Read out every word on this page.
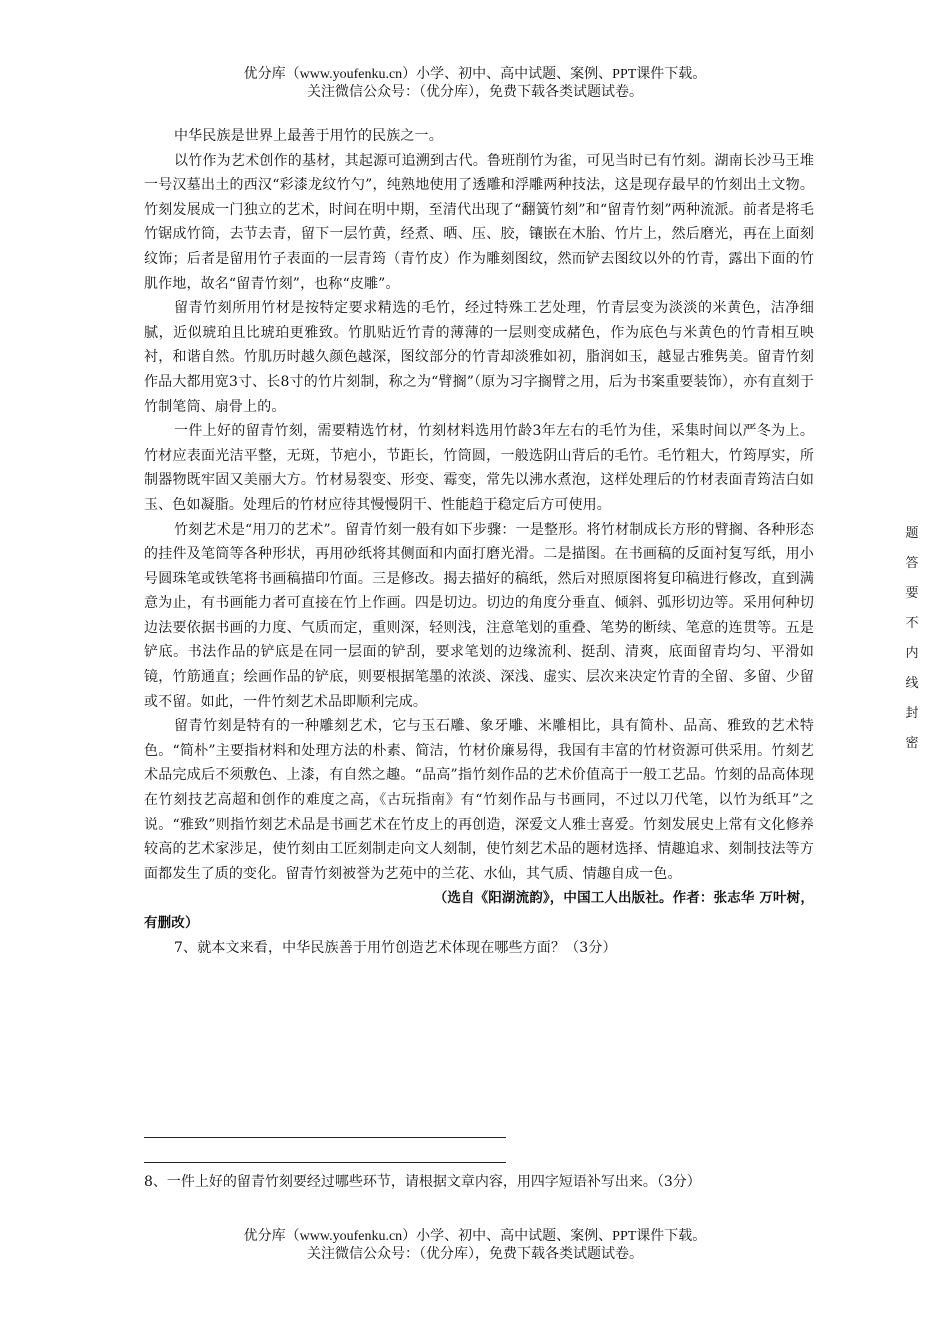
优分库（www.youfenku.cn）小学、初中、高中试题、案例、PPT课件下载。
关注微信公众号：（优分库），免费下载各类试题试卷。

中华民族是世界上最善于用竹的民族之一。

以竹作为艺术创作的基材，其起源可追溯到古代。鲁班削竹为雀，可见当时已有竹刻。湖南长沙马王堆一号汉墓出土的西汉“彩漆龙纹竹勺”，纯熟地使用了透雕和浮雕两种技法，这是现存最早的竹刻出土文物。竹刻发展成一门独立的艺术，时间在明中期，至清代出现了“翻簧竹刻”和“留青竹刻”两种流派。前者是将毛竹锯成竹筒，去节去青，留下一层竹黄，经煮、晒、压、胶，镶嵌在木胎、竹片上，然后磨光，再在上面刻纹饰；后者是留用竹子表面的一层青筠（青竹皮）作为雕刻图纹，然而铲去图纹以外的竹青，露出下面的竹肌作地，故名“留青竹刻”，也称“皮雕”。

留青竹刻所用竹材是按特定要求精选的毛竹，经过特殊工艺处理，竹青层变为淡淡的米黄色，洁净细腻，近似琥珀且比琥珀更雅致。竹肌贴近竹青的薄薄的一层则变成赭色，作为底色与米黄色的竹青相互映衬，和谐自然。竹肌历时越久颜色越深，图纹部分的竹青却淡雅如初，脂润如玉，越显古雅隽美。留青竹刻作品大都用宽3寸、长8寸的竹片刻制，称之为“臂搁”（原为习字搁臂之用，后为书案重要装饰），亦有直刻于竹制笔筒、扇骨上的。

一件上好的留青竹刻，需要精选竹材，竹刻材料选用竹龄3年左右的毛竹为佳，采集时间以严冬为上。竹材应表面光洁平整，无斑，节疤小，节距长，竹筒圆，一般选阴山背后的毛竹。毛竹粗大，竹筠厚实，所制器物既牢固又美丽大方。竹材易裂变、形变、霉变，常先以沸水煮泡，这样处理后的竹材表面青筠洁白如玉、色如凝脂。处理后的竹材应待其慢慢阴干、性能趋于稳定后方可使用。

竹刻艺术是“用刀的艺术”。留青竹刻一般有如下步骤：一是整形。将竹材制成长方形的臂搁、各种形态的挂件及笔筒等各种形状，再用砂纸将其侧面和内面打磨光滑。二是描图。在书画稿的反面衬复写纸，用小号圆珠笔或铁笔将书画稿描印竹面。三是修改。揭去描好的稿纸，然后对照原图将复印稿进行修改，直到满意为止，有书画能力者可直接在竹上作画。四是切边。切边的角度分垂直、倾斜、弧形切边等。采用何种切边法要依据书画的力度、气质而定，重则深，轻则浅，注意笔划的重叠、笔势的断续、笔意的连贯等。五是铲底。书法作品的铲底是在同一层面的铲刮，要求笔划的边缘流利、挺刮、清爽，底面留青均匀、平滑如镜，竹筋通直；绘画作品的铲底，则要根据笔墨的浓淡、深浅、虚实、层次来决定竹青的全留、多留、少留或不留。如此，一件竹刻艺术品即顺利完成。

留青竹刻是特有的一种雕刻艺术，它与玉石雕、象牙雕、米雕相比，具有简朴、品高、雅致的艺术特色。“简朴”主要指材料和处理方法的朴素、简洁，竹材价廉易得，我国有丰富的竹材资源可供采用。竹刻艺术品完成后不须敷色、上漆，有自然之趣。“品高”指竹刻作品的艺术价值高于一般工艺品。竹刻的品高体现在竹刻技艺高超和创作的难度之高，《古玩指南》有“竹刻作品与书画同，不过以刀代笔，以竹为纸耳”之说。“雅致”则指竹刻艺术品是书画艺术在竹皮上的再创造，深爱文人雅士喜爱。竹刻发展史上常有文化修养较高的艺术家涉足，使竹刻由工匠刻制走向文人刻制，使竹刻艺术品的题材选择、情趣追求、刻制技法等方面都发生了质的变化。留青竹刻被誉为艺苑中的兰花、水仙，其气质、情趣自成一色。

（选自《阳湖流韵》，中国工人出版社。作者：张志华 万叶树，
有删改）

7、就本文来看，中华民族善于用竹创造艺术体现在哪些方面？（3分）

8、一件上好的留青竹刻要经过哪些环节，请根据文章内容，用四字短语补写出来。（3分）
优分库（www.youfenku.cn）小学、初中、高中试题、案例、PPT课件下载。
关注微信公众号：（优分库），免费下载各类试题试卷。
题
答
要
不
内
线
封
密
